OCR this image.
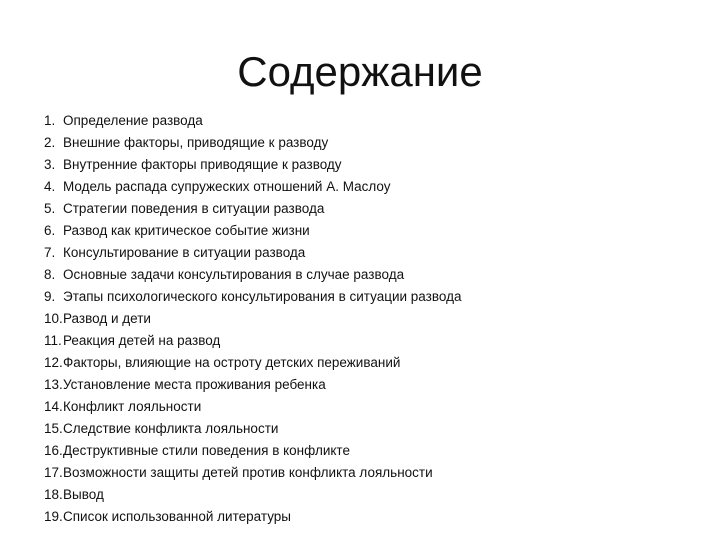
Содержание
1. Определение развода
2. Внешние факторы, приводящие к разводу
3. Внутренние факторы приводящие к разводу
4. Модель распада супружеских отношений А. Маслоу
5. Стратегии поведения в ситуации развода
6. Развод как критическое событие жизни
7. Консультирование в ситуации развода
8. Основные задачи консультирования в случае развода
9. Этапы психологического консультирования в ситуации развода
10. Развод и дети
11. Реакция детей на развод
12. Факторы, влияющие на остроту детских переживаний
13. Установление места проживания ребенка
14. Конфликт лояльности
15. Следствие конфликта лояльности
16. Деструктивные стили поведения в конфликте
17. Возможности защиты детей против конфликта лояльности
18. Вывод
19. Список использованной литературы
